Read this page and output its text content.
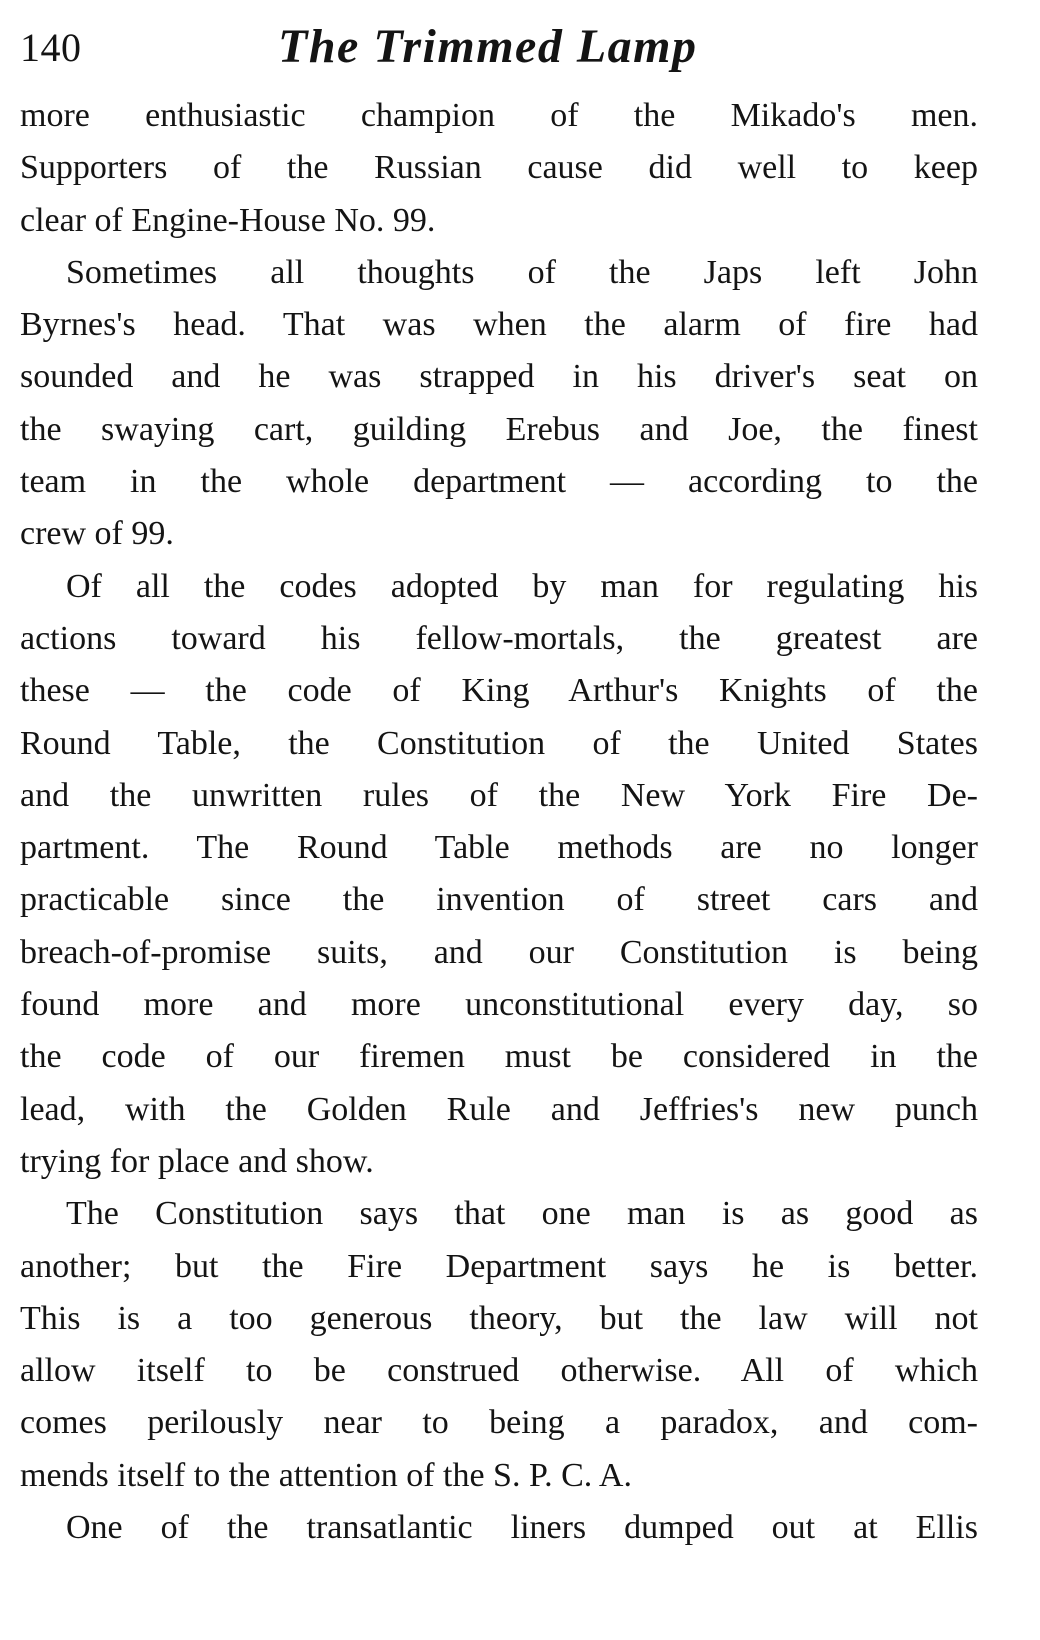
140	The Trimmed Lamp

more enthusiastic champion of the Mikado's men.
Supporters of the Russian cause did well to keep
clear of Engine-House No. 99.

Sometimes all thoughts of the Japs left John
Byrnes's head. That was when the alarm of fire had
sounded and he was strapped in his driver's seat on
the swaying cart, guilding Erebus and Joe, the finest
team in the whole department — according to the
crew of 99.

Of all the codes adopted by man for regulating his
actions toward his fellow-mortals, the greatest are
these — the code of King Arthur's Knights of the
Round Table, the Constitution of the United States
and the unwritten rules of the New York Fire De-
partment. The Round Table methods are no longer
practicable since the invention of street cars and
breach-of-promise suits, and our Constitution is being
found more and more unconstitutional every day, so
the code of our firemen must be considered in the
lead, with the Golden Rule and Jeffries's new punch
trying for place and show.

The Constitution says that one man is as good as
another; but the Fire Department says he is better.
This is a too generous theory, but the law will not
allow itself to be construed otherwise. All of which
comes perilously near to being a paradox, and com-
mends itself to the attention of the S. P. C. A.

One of the transatlantic liners dumped out at Ellis
